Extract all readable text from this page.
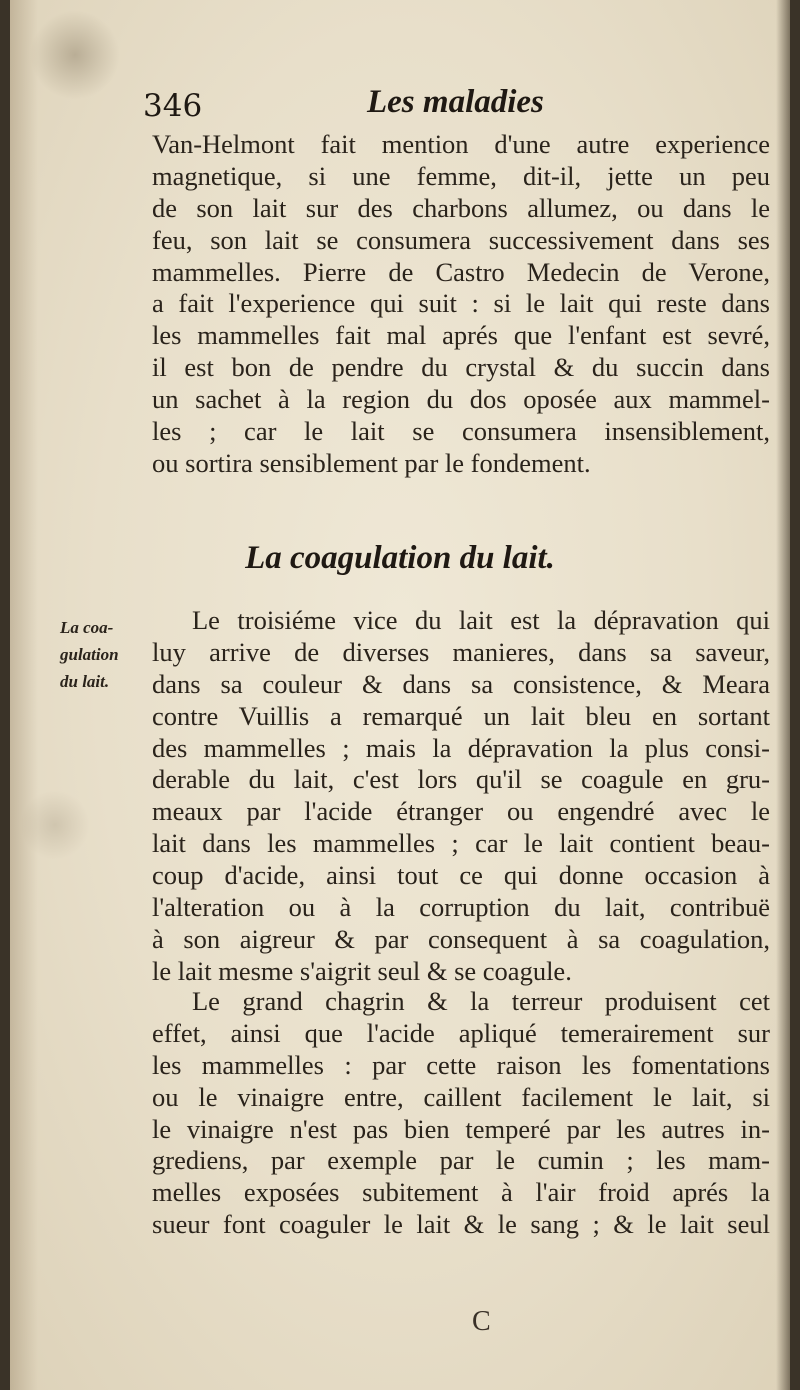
346	Les maladies
Van-Helmont fait mention d'une autre experience
magnetique, si une femme, dit-il, jette un peu
de son lait sur des charbons allumez, ou dans le
feu, son lait se consumera successivement dans ses
mammelles. Pierre de Castro Medecin de Verone,
a fait l'experience qui suit : si le lait qui reste dans
les mammelles fait mal aprés que l'enfant est sevré,
il est bon de pendre du crystal & du succin dans
un sachet à la region du dos oposée aux mammel-
les ; car le lait se consumera insensiblement,
ou sortira sensiblement par le fondement.
La coagulation du lait.
La coa-
gulation
du lait.
Le troisiéme vice du lait est la dépravation qui
luy arrive de diverses manieres, dans sa saveur,
dans sa couleur & dans sa consistence, & Meara
contre Vuillis a remarqué un lait bleu en sortant
des mammelles ; mais la dépravation la plus consi-
derable du lait, c'est lors qu'il se coagule en gru-
meaux par l'acide étranger ou engendré avec le
lait dans les mammelles ; car le lait contient beau-
coup d'acide, ainsi tout ce qui donne occasion à
l'alteration ou à la corruption du lait, contribuë
à son aigreur & par consequent à sa coagulation,
le lait mesme s'aigrit seul & se coagule.
Le grand chagrin & la terreur produisent cet
effet, ainsi que l'acide apliqué temerairement sur
les mammelles : par cette raison les fomentations
ou le vinaigre entre, caillent facilement le lait, si
le vinaigre n'est pas bien temperé par les autres in-
grediens, par exemple par le cumin ; les mam-
melles exposées subitement à l'air froid aprés la
sueur font coaguler le lait & le sang ; & le lait seul
C
